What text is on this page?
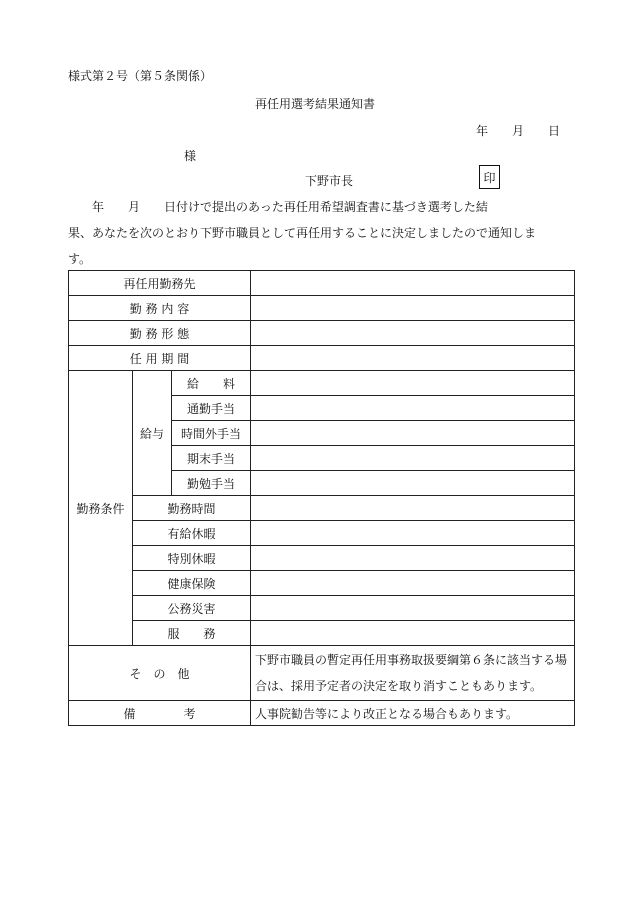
様式第２号（第５条関係）
再任用選考結果通知書
年　　月　　日
様
下野市長	印
　　年　　月　　日付けで提出のあった再任用希望調査書に基づき選考した結
果、あなたを次のとおり下野市職員として再任用することに決定しましたので通知しま
す。
再任用勤務先			
勤 務 内 容			
勤 務 形 態			
任 用 期 間			
勤務条件	給与	給　　料	
		通勤手当	
		時間外手当	
		期末手当	
		勤勉手当	
	勤務時間		
	有給休暇		
	特別休暇		
	健康保険		
	公務災害		
	服　　務		
そ　の　他			下野市職員の暫定再任用事務取扱要綱第６条に該当する場合は、採用予定者の決定を取り消すこともあります。
備　　　　考			人事院勧告等により改正となる場合もあります。
